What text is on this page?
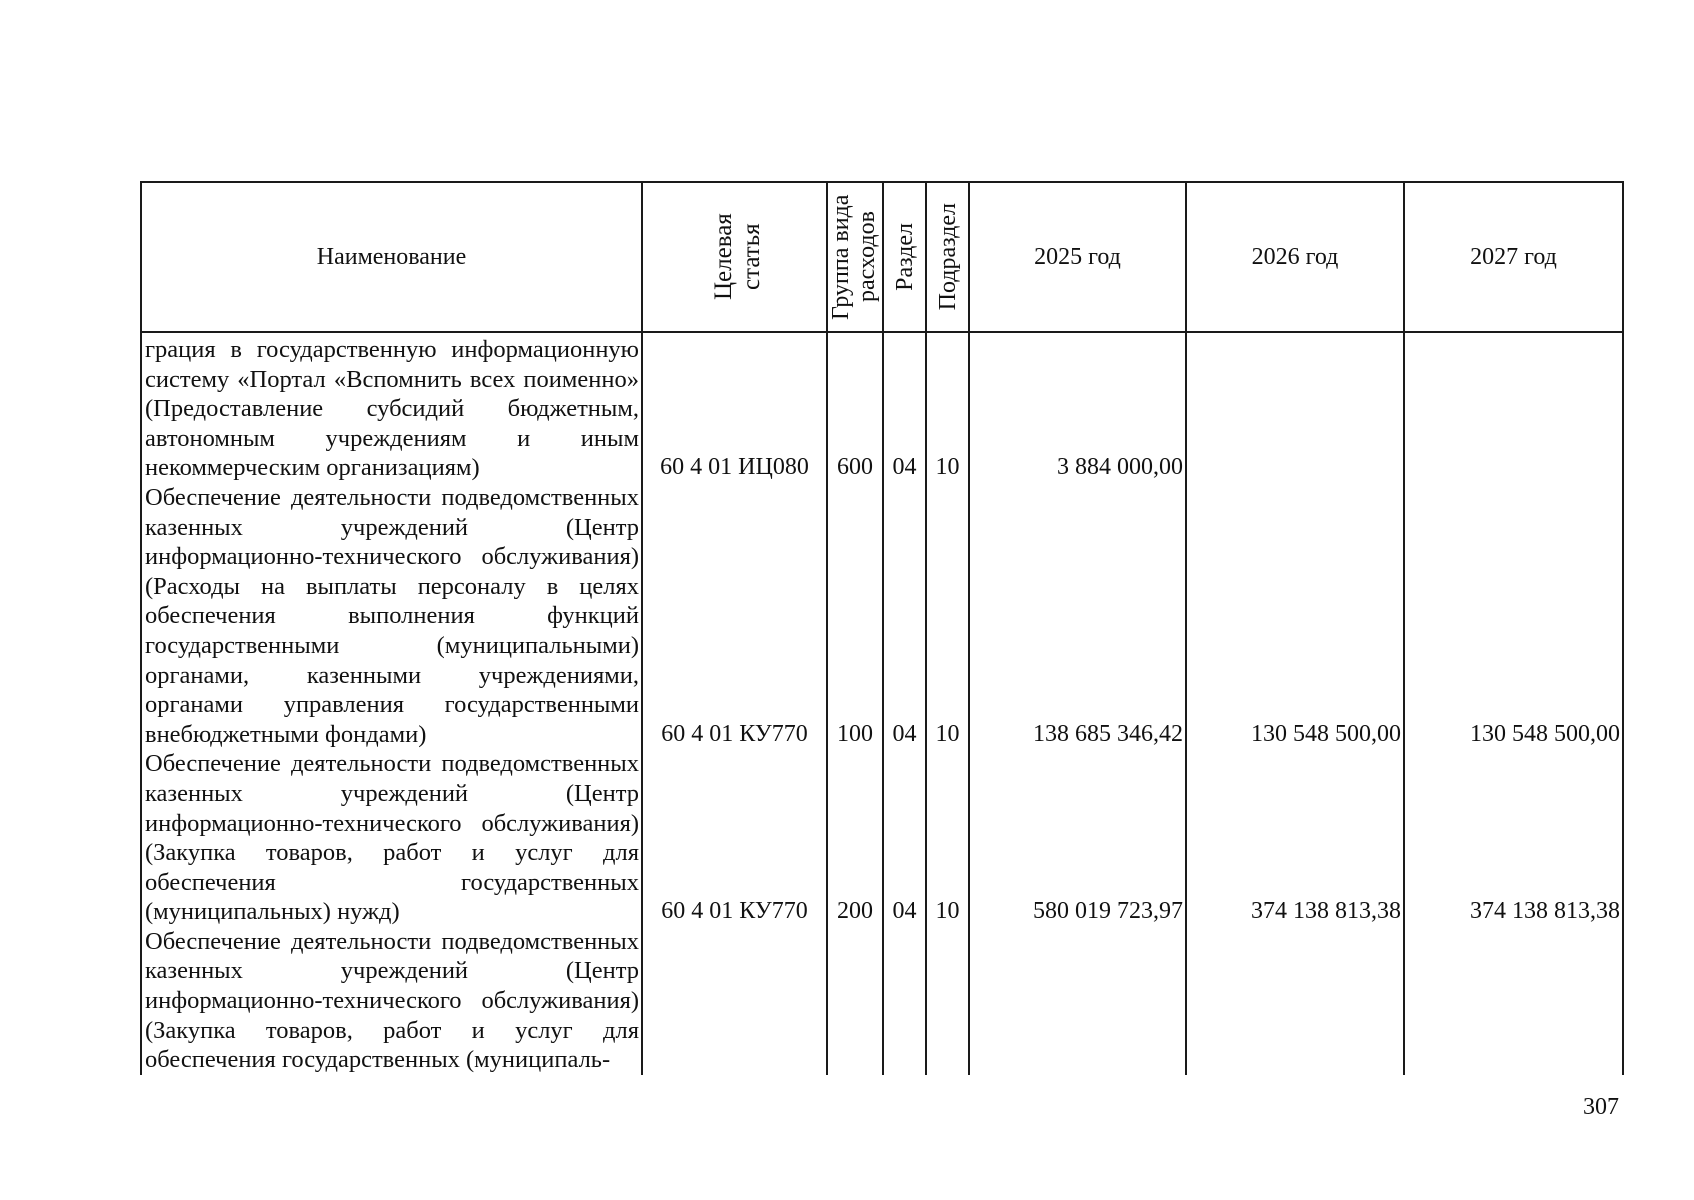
Наименование	Целевая статья	Группа вида расходов	Раздел	Подраздел	2025 год	2026 год	2027 год

грация в государственную информационную систему «Портал «Вспомнить всех поименно» (Предоставление субсидий бюджетным, автономным учреждениям и иным некоммерческим организациям)	60 4 01 ИЦ080	600	04	10	3 884 000,00		

Обеспечение деятельности подведомственных казенных учреждений (Центр информационно-технического обслуживания) (Расходы на выплаты персоналу в целях обеспечения выполнения функций государственными (муниципальными) органами, казенными учреждениями, органами управления государственными внебюджетными фондами)	60 4 01 КУ770	100	04	10	138 685 346,42	130 548 500,00	130 548 500,00

Обеспечение деятельности подведомственных казенных учреждений (Центр информационно-технического обслуживания) (Закупка товаров, работ и услуг для обеспечения государственных (муниципальных) нужд)	60 4 01 КУ770	200	04	10	580 019 723,97	374 138 813,38	374 138 813,38

Обеспечение деятельности подведомственных казенных учреждений (Центр информационно-технического обслуживания) (Закупка товаров, работ и услуг для обеспечения государственных (муниципаль-							

307
